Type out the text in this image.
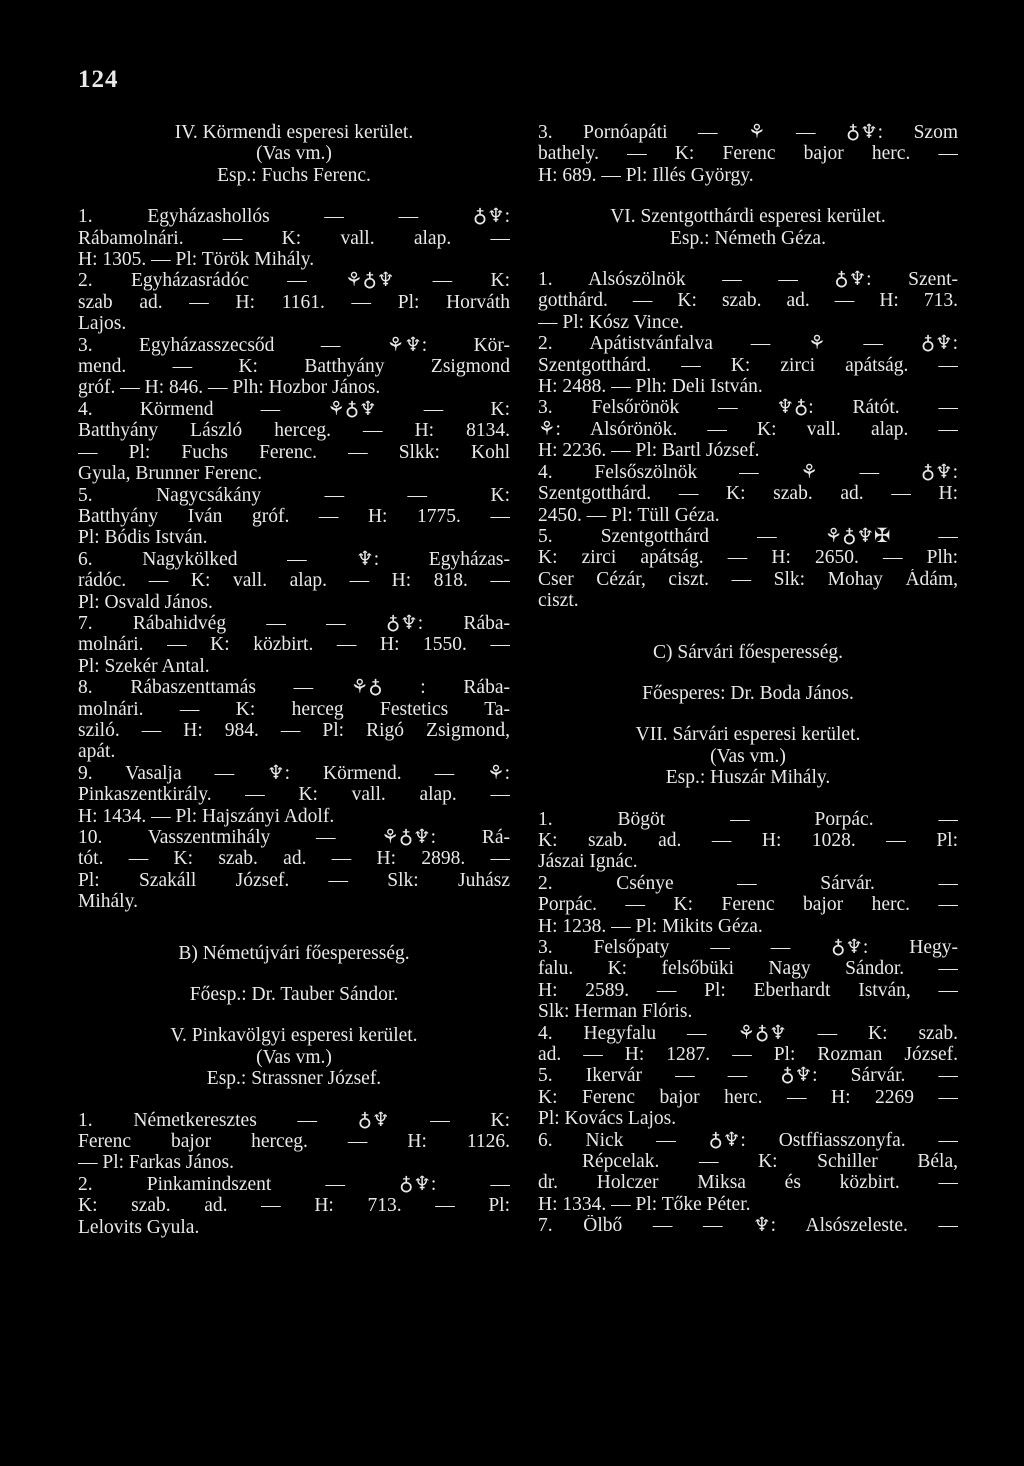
124
IV. Körmendi esperesi kerület.
(Vas vm.)
Esp.: Fuchs Ferenc.
1. Egyházashollós — — ♁♆:
Rábamolnári. — K: vall. alap. —
H: 1305. — Pl: Török Mihály.
2. Egyházasrádóc — ⚘♁♆ — K:
szab ad. — H: 1161. — Pl: Horváth
Lajos.
3. Egyházasszecsőd — ⚘♆: Kör-
mend. — K: Batthyány Zsigmond
gróf. — H: 846. — Plh: Hozbor János.
4. Körmend — ⚘♁♆ — K:
Batthyány László herceg. — H: 8134.
— Pl: Fuchs Ferenc. — Slkk: Kohl
Gyula, Brunner Ferenc.
5. Nagycsákány — — K:
Batthyány Iván gróf. — H: 1775. —
Pl: Bódis István.
6. Nagykölked — ♆: Egyházas-
rádóc. — K: vall. alap. — H: 818. —
Pl: Osvald János.
7. Rábahidvég — — ♁♆: Rába-
molnári. — K: közbirt. — H: 1550. —
Pl: Szekér Antal.
8. Rábaszenttamás — ⚘♁ : Rába-
molnári. — K: herceg Festetics Ta-
sziló. — H: 984. — Pl: Rigó Zsigmond,
apát.
9. Vasalja — ♆: Körmend. — ⚘:
Pinkaszentkirály. — K: vall. alap. —
H: 1434. — Pl: Hajszányi Adolf.
10. Vasszentmihály — ⚘♁♆: Rá-
tót. — K: szab. ad. — H: 2898. —
Pl: Szakáll József. — Slk: Juhász
Mihály.
B) Németújvári főesperesség.
Főesp.: Dr. Tauber Sándor.
V. Pinkavölgyi esperesi kerület.
(Vas vm.)
Esp.: Strassner József.
1. Németkeresztes — ♁♆ — K:
Ferenc bajor herceg. — H: 1126.
— Pl: Farkas János.
2. Pinkamindszent — ♁♆: —
K: szab. ad. — H: 713. — Pl:
Lelovits Gyula.
3. Pornóapáti — ⚘ — ♁♆: Szom
bathely. — K: Ferenc bajor herc. —
H: 689. — Pl: Illés György.
VI. Szentgotthárdi esperesi kerület.
Esp.: Németh Géza.
1. Alsószölnök — — ♁♆: Szent-
gotthárd. — K: szab. ad. — H: 713.
— Pl: Kósz Vince.
2. Apátistvánfalva — ⚘ — ♁♆:
Szentgotthárd. — K: zirci apátság. —
H: 2488. — Plh: Deli István.
3. Felsőrönök — ♆♁: Rátót. —
⚘: Alsórönök. — K: vall. alap. —
H: 2236. — Pl: Bartl József.
4. Felsőszölnök — ⚘ — ♁♆:
Szentgotthárd. — K: szab. ad. — H:
2450. — Pl: Tüll Géza.
5. Szentgotthárd — ⚘♁♆✠ —
K: zirci apátság. — H: 2650. — Plh:
Cser Cézár, ciszt. — Slk: Mohay Ádám,
ciszt.
C) Sárvári főesperesség.
Főesperes: Dr. Boda János.
VII. Sárvári esperesi kerület.
(Vas vm.)
Esp.: Huszár Mihály.
1. Bögöt — Porpác. —
K: szab. ad. — H: 1028. — Pl:
Jászai Ignác.
2. Csénye — Sárvár. —
Porpác. — K: Ferenc bajor herc. —
H: 1238. — Pl: Mikits Géza.
3. Felsőpaty — — ♁♆: Hegy-
falu. K: felsőbüki Nagy Sándor. —
H: 2589. — Pl: Eberhardt István, —
Slk: Herman Flóris.
4. Hegyfalu — ⚘♁♆ — K: szab.
ad. — H: 1287. — Pl: Rozman József.
5. Ikervár — — ♁♆: Sárvár. —
K: Ferenc bajor herc. — H: 2269 —
Pl: Kovács Lajos.
6. Nick — ♁♆: Ostffiasszonyfa. —
Répcelak. — K: Schiller Béla,
dr. Holczer Miksa és közbirt. —
H: 1334. — Pl: Tőke Péter.
7. Ölbő — — ♆: Alsószeleste. —
